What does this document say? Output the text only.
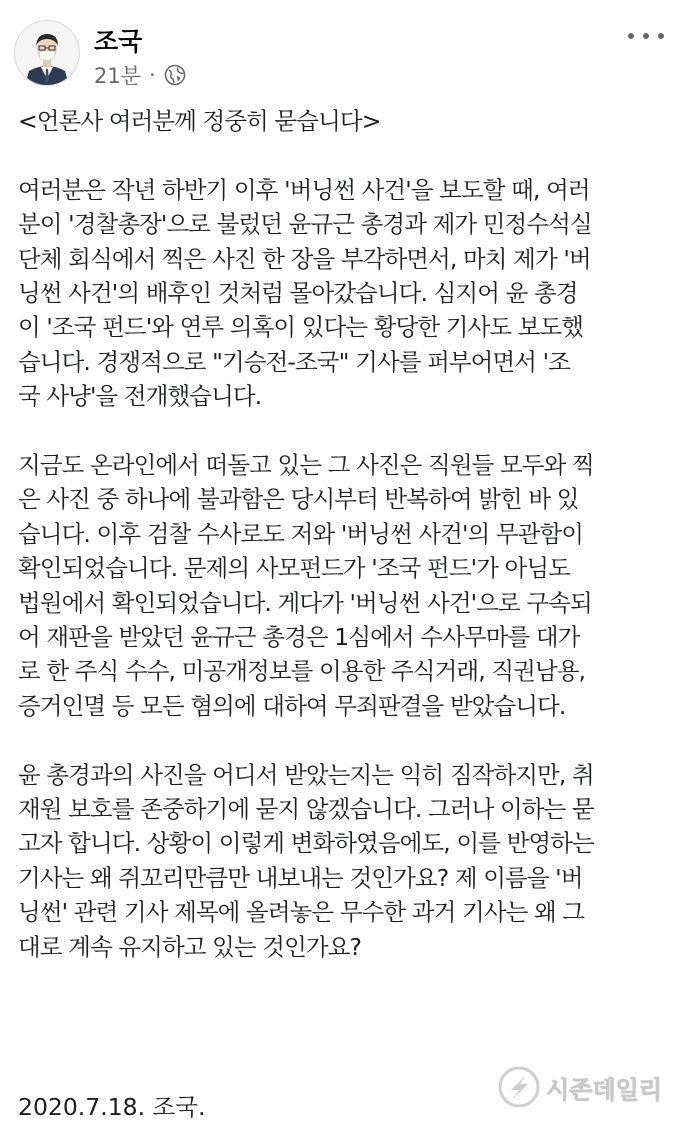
조국
21분 ·

<언론사 여러분께 정중히 묻습니다>

여러분은 작년 하반기 이후 '버닝썬 사건'을 보도할 때, 여러
분이 '경찰총장'으로 불렀던 윤규근 총경과 제가 민정수석실
단체 회식에서 찍은 사진 한 장을 부각하면서, 마치 제가 '버
닝썬 사건'의 배후인 것처럼 몰아갔습니다. 심지어 윤 총경
이 '조국 펀드'와 연루 의혹이 있다는 황당한 기사도 보도했
습니다. 경쟁적으로 "기승전-조국" 기사를 퍼부어면서 '조
국 사냥'을 전개했습니다.

지금도 온라인에서 떠돌고 있는 그 사진은 직원들 모두와 찍
은 사진 중 하나에 불과함은 당시부터 반복하여 밝힌 바 있
습니다. 이후 검찰 수사로도 저와 '버닝썬 사건'의 무관함이
확인되었습니다. 문제의 사모펀드가 '조국 펀드'가 아님도
법원에서 확인되었습니다. 게다가 '버닝썬 사건'으로 구속되
어 재판을 받았던 윤규근 총경은 1심에서 수사무마를 대가
로 한 주식 수수, 미공개정보를 이용한 주식거래, 직권남용,
증거인멸 등 모든 혐의에 대하여 무죄판결을 받았습니다.

윤 총경과의 사진을 어디서 받았는지는 익히 짐작하지만, 취
재원 보호를 존중하기에 묻지 않겠습니다. 그러나 이하는 묻
고자 합니다. 상황이 이렇게 변화하였음에도, 이를 반영하는
기사는 왜 쥐꼬리만큼만 내보내는 것인가요? 제 이름을 '버
닝썬' 관련 기사 제목에 올려놓은 무수한 과거 기사는 왜 그
대로 계속 유지하고 있는 것인가요?

2020.7.18. 조국.
시존데일리
